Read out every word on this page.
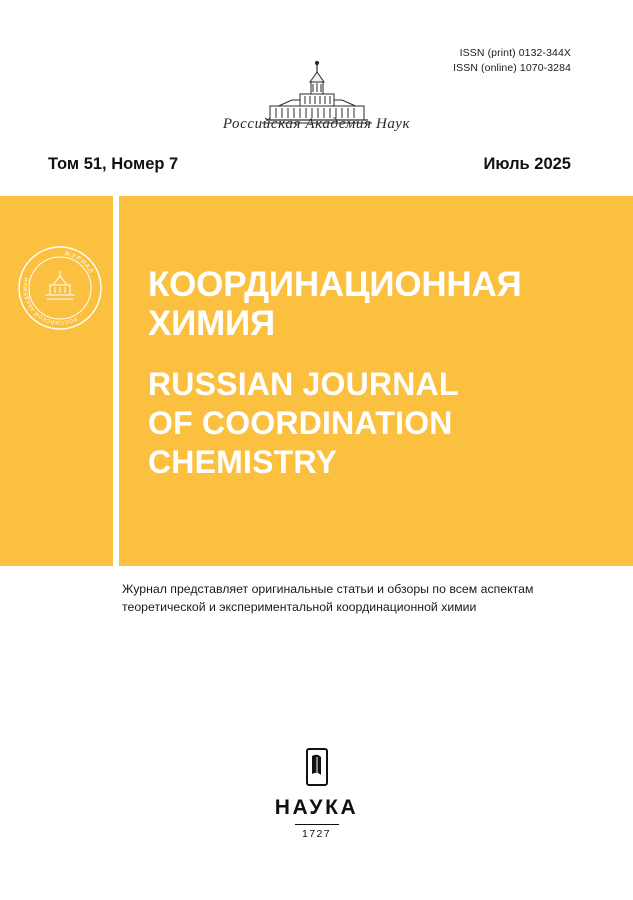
ISSN (print) 0132-344X
ISSN (online) 1070-3284
Российская Академия Наук
Том 51, Номер 7	Июль 2025
ЖУРНАЛ
РОССИЙСКОЙ АКАДЕМИИ	КООРДИНАЦИОННАЯ ХИМИЯ
RUSSIAN JOURNAL
OF COORDINATION
CHEMISTRY
Журнал представляет оригинальные статьи и обзоры по всем аспектам теоретической и экспериментальной координационной химии
НАУКА
1727
